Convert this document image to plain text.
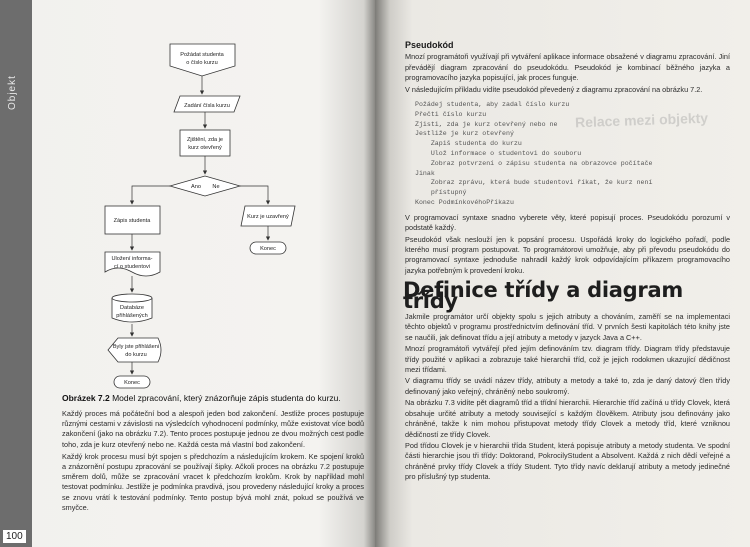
Objekt
100
Požádat studenta
o číslo kurzu
Zadání čísla kurzu
Zjištění, zda je
kurz otevřený
Ano Ne
Zápis studenta
Kurz je uzavřený
Konec
Uložení informa-
cí o studentovi
Databáze
přihlášených
Byly jste přihlášeni
do kurzu
Konec
Obrázek 7.2 Model zpracování, který znázorňuje zápis studenta do kurzu.

Každý proces má počáteční bod a alespoň jeden bod zakončení. Jestliže proces postupuje různými cestami v závislosti na výsledcích vyhodnocení podmínky, může existovat více bodů zakončení (jako na obrázku 7.2). Tento proces postupuje jednou ze dvou možných cest podle toho, zda je kurz otevřený nebo ne. Každá cesta má vlastní bod zakončení.

Každý krok procesu musí být spojen s předchozím a následujícím krokem. Ke spojení kroků a znázornění postupu zpracování se používají šipky. Ačkoli proces na obrázku 7.2 postupuje směrem dolů, může se zpracování vracet k předchozím krokům. Krok by například mohl testovat podmínku. Jestliže je podmínka pravdivá, jsou provedeny následující kroky a proces se znovu vrátí k testování podmínky. Tento postup bývá mohl znát, pokud se používá ve smyčce.

Relace mezi objekty
Pseudokód

Mnozí programátoři využívají při vytváření aplikace informace obsažené v diagramu zpracování. Jiní převádějí diagram zpracování do pseudokódu. Pseudokód je kombinací běžného jazyka a programovacího jazyka popisující, jak proces funguje.

V následujícím příkladu vidíte pseudokód převedený z diagramu zpracování na obrázku 7.2.

Požádej studenta, aby zadal číslo kurzu
Přečti číslo kurzu
Zjisti, zda je kurz otevřený nebo ne
Jestliže je kurz otevřený
Zapiš studenta do kurzu
Ulož informace o studentovi do souboru
Zobraz potvrzení o zápisu studenta na obrazovce počítače
Jinak
Zobraz zprávu, která bude studentovi říkat, že kurz není
přístupný
Konec PodmínkovéhoPříkazu

V programovací syntaxe snadno vyberete věty, které popisují proces. Pseudokódu porozumí v podstatě každý.

Pseudokód však neslouží jen k popsání procesu. Uspořádá kroky do logického pořadí, podle kterého musí program postupovat. To programátorovi umožňuje, aby při převodu pseudokódu do programovací syntaxe jednoduše nahradil každý krok odpovídajícím příkazem programovacího jazyka potřebným k provedení kroku.

Definice třídy a diagram třídy

Jakmile programátor určí objekty spolu s jejich atributy a chováním, zaměří se na implementaci těchto objektů v programu prostřednictvím definování tříd. V prvních šesti kapitolách této knihy jste se naučili, jak definovat třídu a její atributy a metody v jazyck Java a C++.

Mnozí programátoři vytvářejí před jejím definováním tzv. diagram třídy. Diagram třídy představuje třídy použité v aplikaci a zobrazuje také hierarchii tříd, což je jejich rodokmen ukazující dědičnost mezi třídami.

V diagramu třídy se uvádí název třídy, atributy a metody a také to, zda je daný datový člen třídy definovaný jako veřejný, chráněný nebo soukromý.

Na obrázku 7.3 vidíte pět diagramů tříd a třídní hierarchii. Hierarchie tříd začíná u třídy Clovek, která obsahuje určité atributy a metody související s každým člověkem. Atributy jsou definovány jako chráněné, takže k nim mohou přistupovat metody třídy Clovek a metody tříd, které vzniknou dědičností ze třídy Clovek.

Pod třídou Clovek je v hierarchii třída Student, která popisuje atributy a metody studenta. Ve spodní části hierarchie jsou tři třídy: Doktorand, PokrocilyStudent a Absolvent. Každá z nich dědí veřejné a chráněné prvky třídy Clovek a třídy Student. Tyto třídy navíc deklarují atributy a metody jedinečné pro příslušný typ studenta.
